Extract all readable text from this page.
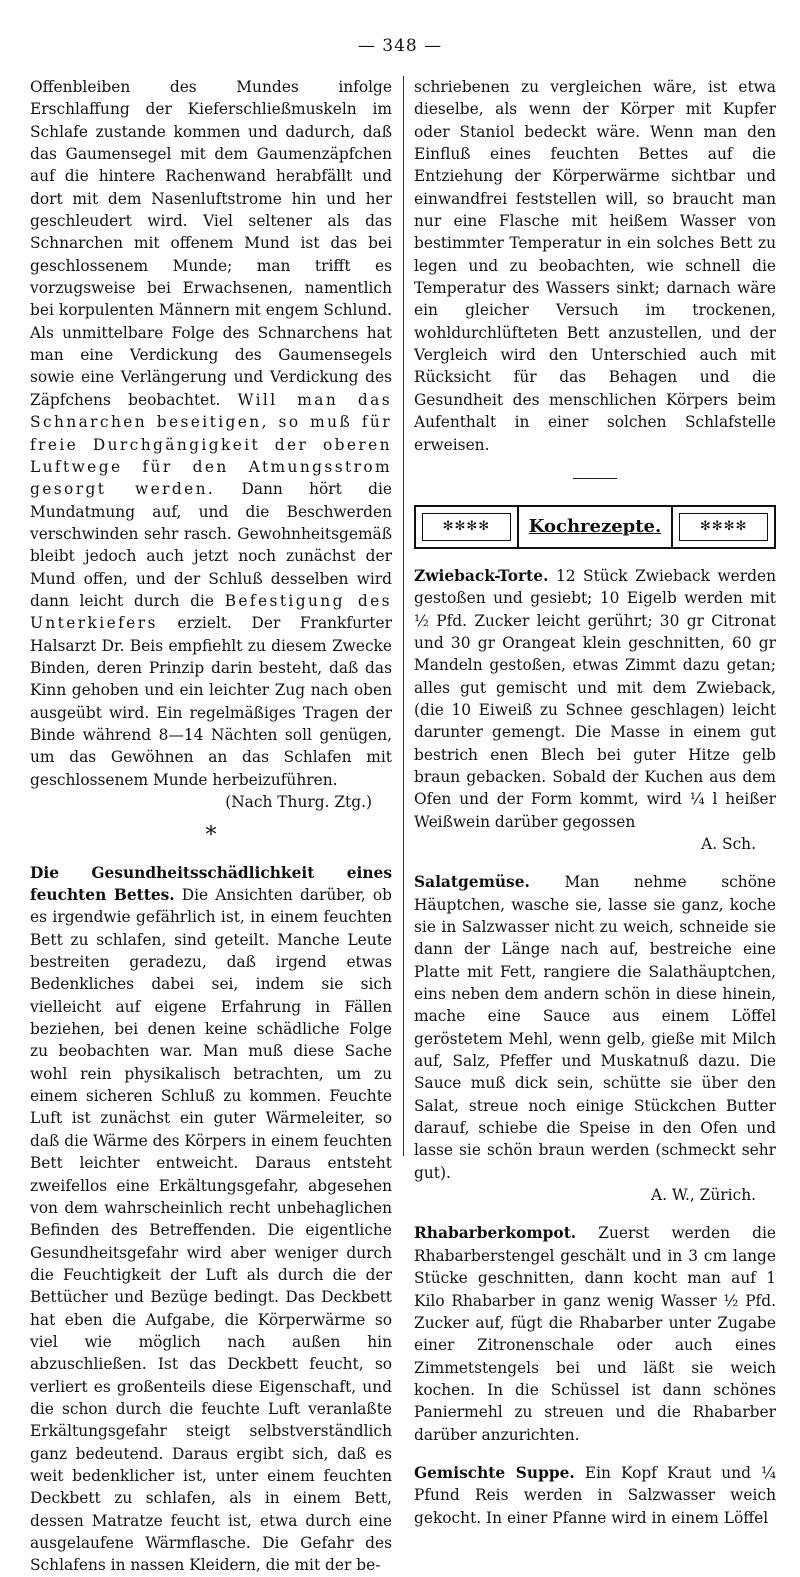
— 348 —

Offenbleiben des Mundes infolge Erschlaffung der Kieferschließmuskeln im Schlafe zustande kommen und dadurch, daß das Gaumensegel mit dem Gaumenzäpfchen auf die hintere Rachenwand herabfällt und dort mit dem Nasenluftstrome hin und her geschleudert wird. Viel seltener als das Schnarchen mit offenem Mund ist das bei geschlossenem Munde; man trifft es vorzugsweise bei Erwachsenen, namentlich bei korpulenten Männern mit engem Schlund. Als unmittelbare Folge des Schnarchens hat man eine Verdickung des Gaumensegels sowie eine Verlängerung und Verdickung des Zäpfchens beobachtet. Will man das Schnarchen beseitigen, so muß für freie Durchgängigkeit der oberen Luftwege für den Atmungsstrom gesorgt werden. Dann hört die Mundatmung auf, und die Beschwerden verschwinden sehr rasch. Gewohnheitsgemäß bleibt jedoch auch jetzt noch zunächst der Mund offen, und der Schluß desselben wird dann leicht durch die Befestigung des Unterkiefers erzielt. Der Frankfurter Halsarzt Dr. Beis empfiehlt zu diesem Zwecke Binden, deren Prinzip darin besteht, daß das Kinn gehoben und ein leichter Zug nach oben ausgeübt wird. Ein regelmäßiges Tragen der Binde während 8—14 Nächten soll genügen, um das Gewöhnen an das Schlafen mit geschlossenem Munde herbeizuführen.

(Nach Thurg. Ztg.)

*

Die Gesundheitsschädlichkeit eines feuchten Bettes. Die Ansichten darüber, ob es irgendwie gefährlich ist, in einem feuchten Bett zu schlafen, sind geteilt. Manche Leute bestreiten geradezu, daß irgend etwas Bedenkliches dabei sei, indem sie sich vielleicht auf eigene Erfahrung in Fällen beziehen, bei denen keine schädliche Folge zu beobachten war. Man muß diese Sache wohl rein physikalisch betrachten, um zu einem sicheren Schluß zu kommen. Feuchte Luft ist zunächst ein guter Wärmeleiter, so daß die Wärme des Körpers in einem feuchten Bett leichter entweicht. Daraus entsteht zweifellos eine Erkältungsgefahr, abgesehen von dem wahrscheinlich recht unbehaglichen Befinden des Betreffenden. Die eigentliche Gesundheitsgefahr wird aber weniger durch die Feuchtigkeit der Luft als durch die der Bettücher und Bezüge bedingt. Das Deckbett hat eben die Aufgabe, die Körperwärme so viel wie möglich nach außen hin abzuschließen. Ist das Deckbett feucht, so verliert es großenteils diese Eigenschaft, und die schon durch die feuchte Luft veranlaßte Erkältungsgefahr steigt selbstverständlich ganz bedeutend. Daraus ergibt sich, daß es weit bedenklicher ist, unter einem feuchten Deckbett zu schlafen, als in einem Bett, dessen Matratze feucht ist, etwa durch eine ausgelaufene Wärmflasche. Die Gefahr des Schlafens in nassen Kleidern, die mit der be-

schriebenen zu vergleichen wäre, ist etwa dieselbe, als wenn der Körper mit Kupfer oder Staniol bedeckt wäre. Wenn man den Einfluß eines feuchten Bettes auf die Entziehung der Körperwärme sichtbar und einwandfrei feststellen will, so braucht man nur eine Flasche mit heißem Wasser von bestimmter Temperatur in ein solches Bett zu legen und zu beobachten, wie schnell die Temperatur des Wassers sinkt; darnach wäre ein gleicher Versuch im trockenen, wohldurchlüfteten Bett anzustellen, und der Vergleich wird den Unterschied auch mit Rücksicht für das Behagen und die Gesundheit des menschlichen Körpers beim Aufenthalt in einer solchen Schlafstelle erweisen.

✻✻✻✻	Kochrezepte.	✻✻✻✻

Zwieback-Torte. 12 Stück Zwieback werden gestoßen und gesiebt; 10 Eigelb werden mit ½ Pfd. Zucker leicht gerührt; 30 gr Citronat und 30 gr Orangeat klein geschnitten, 60 gr Mandeln gestoßen, etwas Zimmt dazu getan; alles gut gemischt und mit dem Zwieback, (die 10 Eiweiß zu Schnee geschlagen) leicht darunter gemengt. Die Masse in einem gut bestrich enen Blech bei guter Hitze gelb braun gebacken. Sobald der Kuchen aus dem Ofen und der Form kommt, wird ¼ l heißer Weißwein darüber gegossen

A. Sch.

Salatgemüse. Man nehme schöne Häuptchen, wasche sie, lasse sie ganz, koche sie in Salzwasser nicht zu weich, schneide sie dann der Länge nach auf, bestreiche eine Platte mit Fett, rangiere die Salathäuptchen, eins neben dem andern schön in diese hinein, mache eine Sauce aus einem Löffel geröstetem Mehl, wenn gelb, gieße mit Milch auf, Salz, Pfeffer und Muskatnuß dazu. Die Sauce muß dick sein, schütte sie über den Salat, streue noch einige Stückchen Butter darauf, schiebe die Speise in den Ofen und lasse sie schön braun werden (schmeckt sehr gut).

A. W., Zürich.

Rhabarberkompot. Zuerst werden die Rhabarberstengel geschält und in 3 cm lange Stücke geschnitten, dann kocht man auf 1 Kilo Rhabarber in ganz wenig Wasser ½ Pfd. Zucker auf, fügt die Rhabarber unter Zugabe einer Zitronenschale oder auch eines Zimmetstengels bei und läßt sie weich kochen. In die Schüssel ist dann schönes Paniermehl zu streuen und die Rhabarber darüber anzurichten.

Gemischte Suppe. Ein Kopf Kraut und ¼ Pfund Reis werden in Salzwasser weich gekocht. In einer Pfanne wird in einem Löffel
